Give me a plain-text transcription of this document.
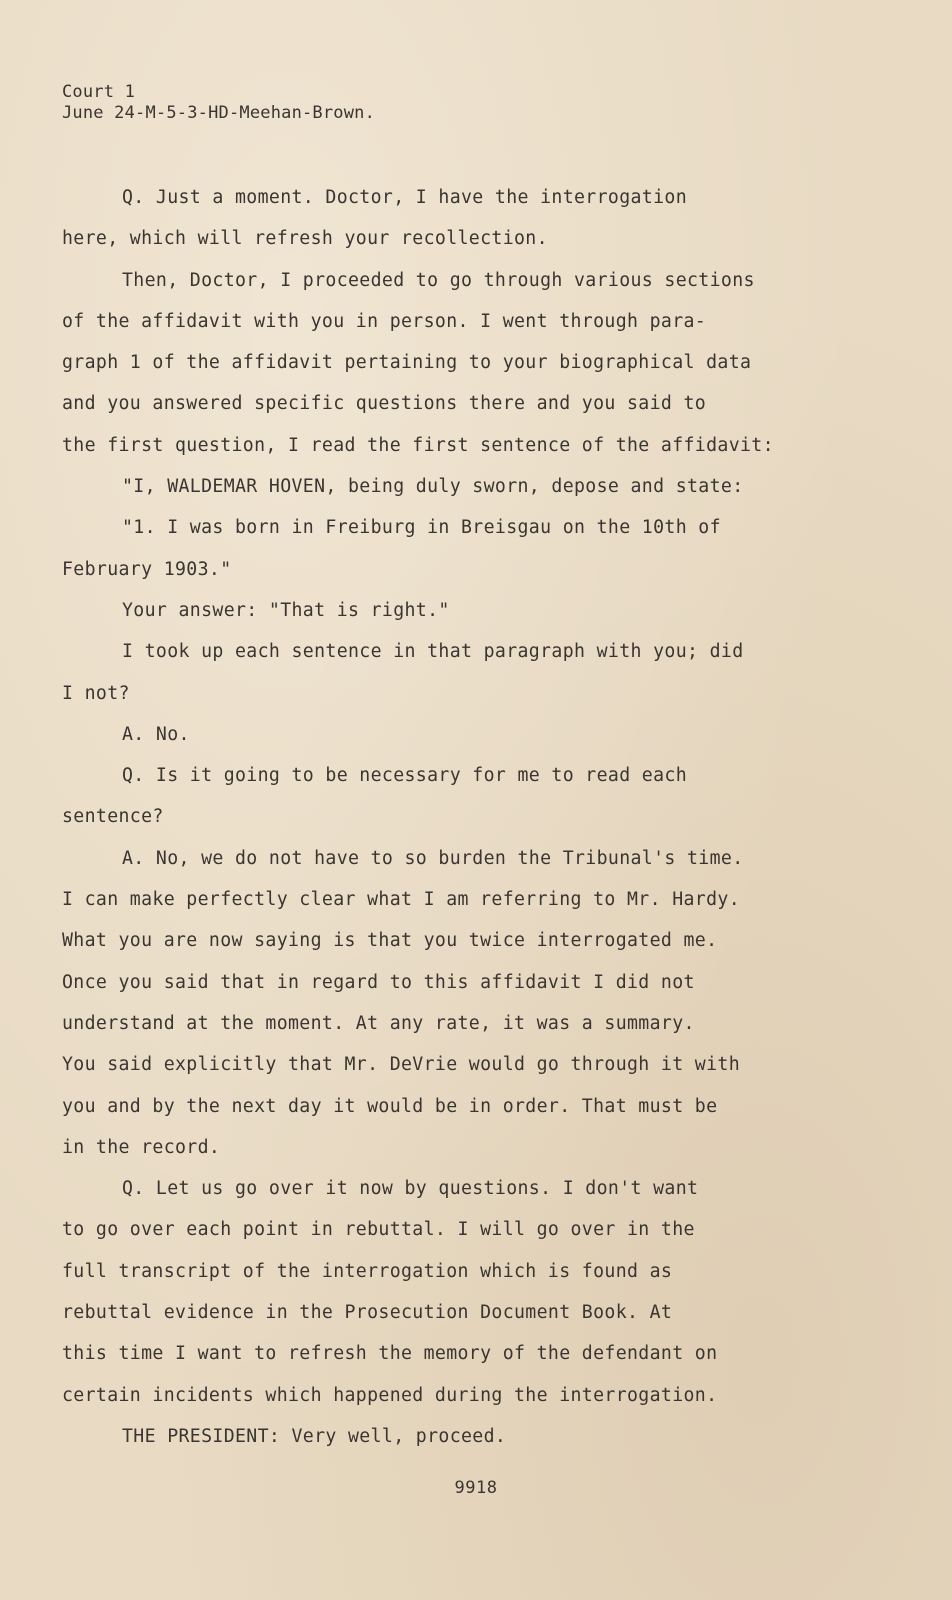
Court 1
June 24-M-5-3-HD-Meehan-Brown.
Q. Just a moment. Doctor, I have the interrogation
here, which will refresh your recollection.
Then, Doctor, I proceeded to go through various sections
of the affidavit with you in person. I went through para-
graph 1 of the affidavit pertaining to your biographical data
and you answered specific questions there and you said to
the first question, I read the first sentence of the affidavit:
"I, WALDEMAR HOVEN, being duly sworn, depose and state:
"1. I was born in Freiburg in Breisgau on the 10th of
February 1903."
Your answer: "That is right."
I took up each sentence in that paragraph with you; did
I not?
A. No.
Q. Is it going to be necessary for me to read each
sentence?
A. No, we do not have to so burden the Tribunal's time.
I can make perfectly clear what I am referring to Mr. Hardy.
What you are now saying is that you twice interrogated me.
Once you said that in regard to this affidavit I did not
understand at the moment. At any rate, it was a summary.
You said explicitly that Mr. DeVrie would go through it with
you and by the next day it would be in order. That must be
in the record.
Q. Let us go over it now by questions. I don't want
to go over each point in rebuttal. I will go over in the
full transcript of the interrogation which is found as
rebuttal evidence in the Prosecution Document Book. At
this time I want to refresh the memory of the defendant on
certain incidents which happened during the interrogation.
THE PRESIDENT: Very well, proceed.
9918
